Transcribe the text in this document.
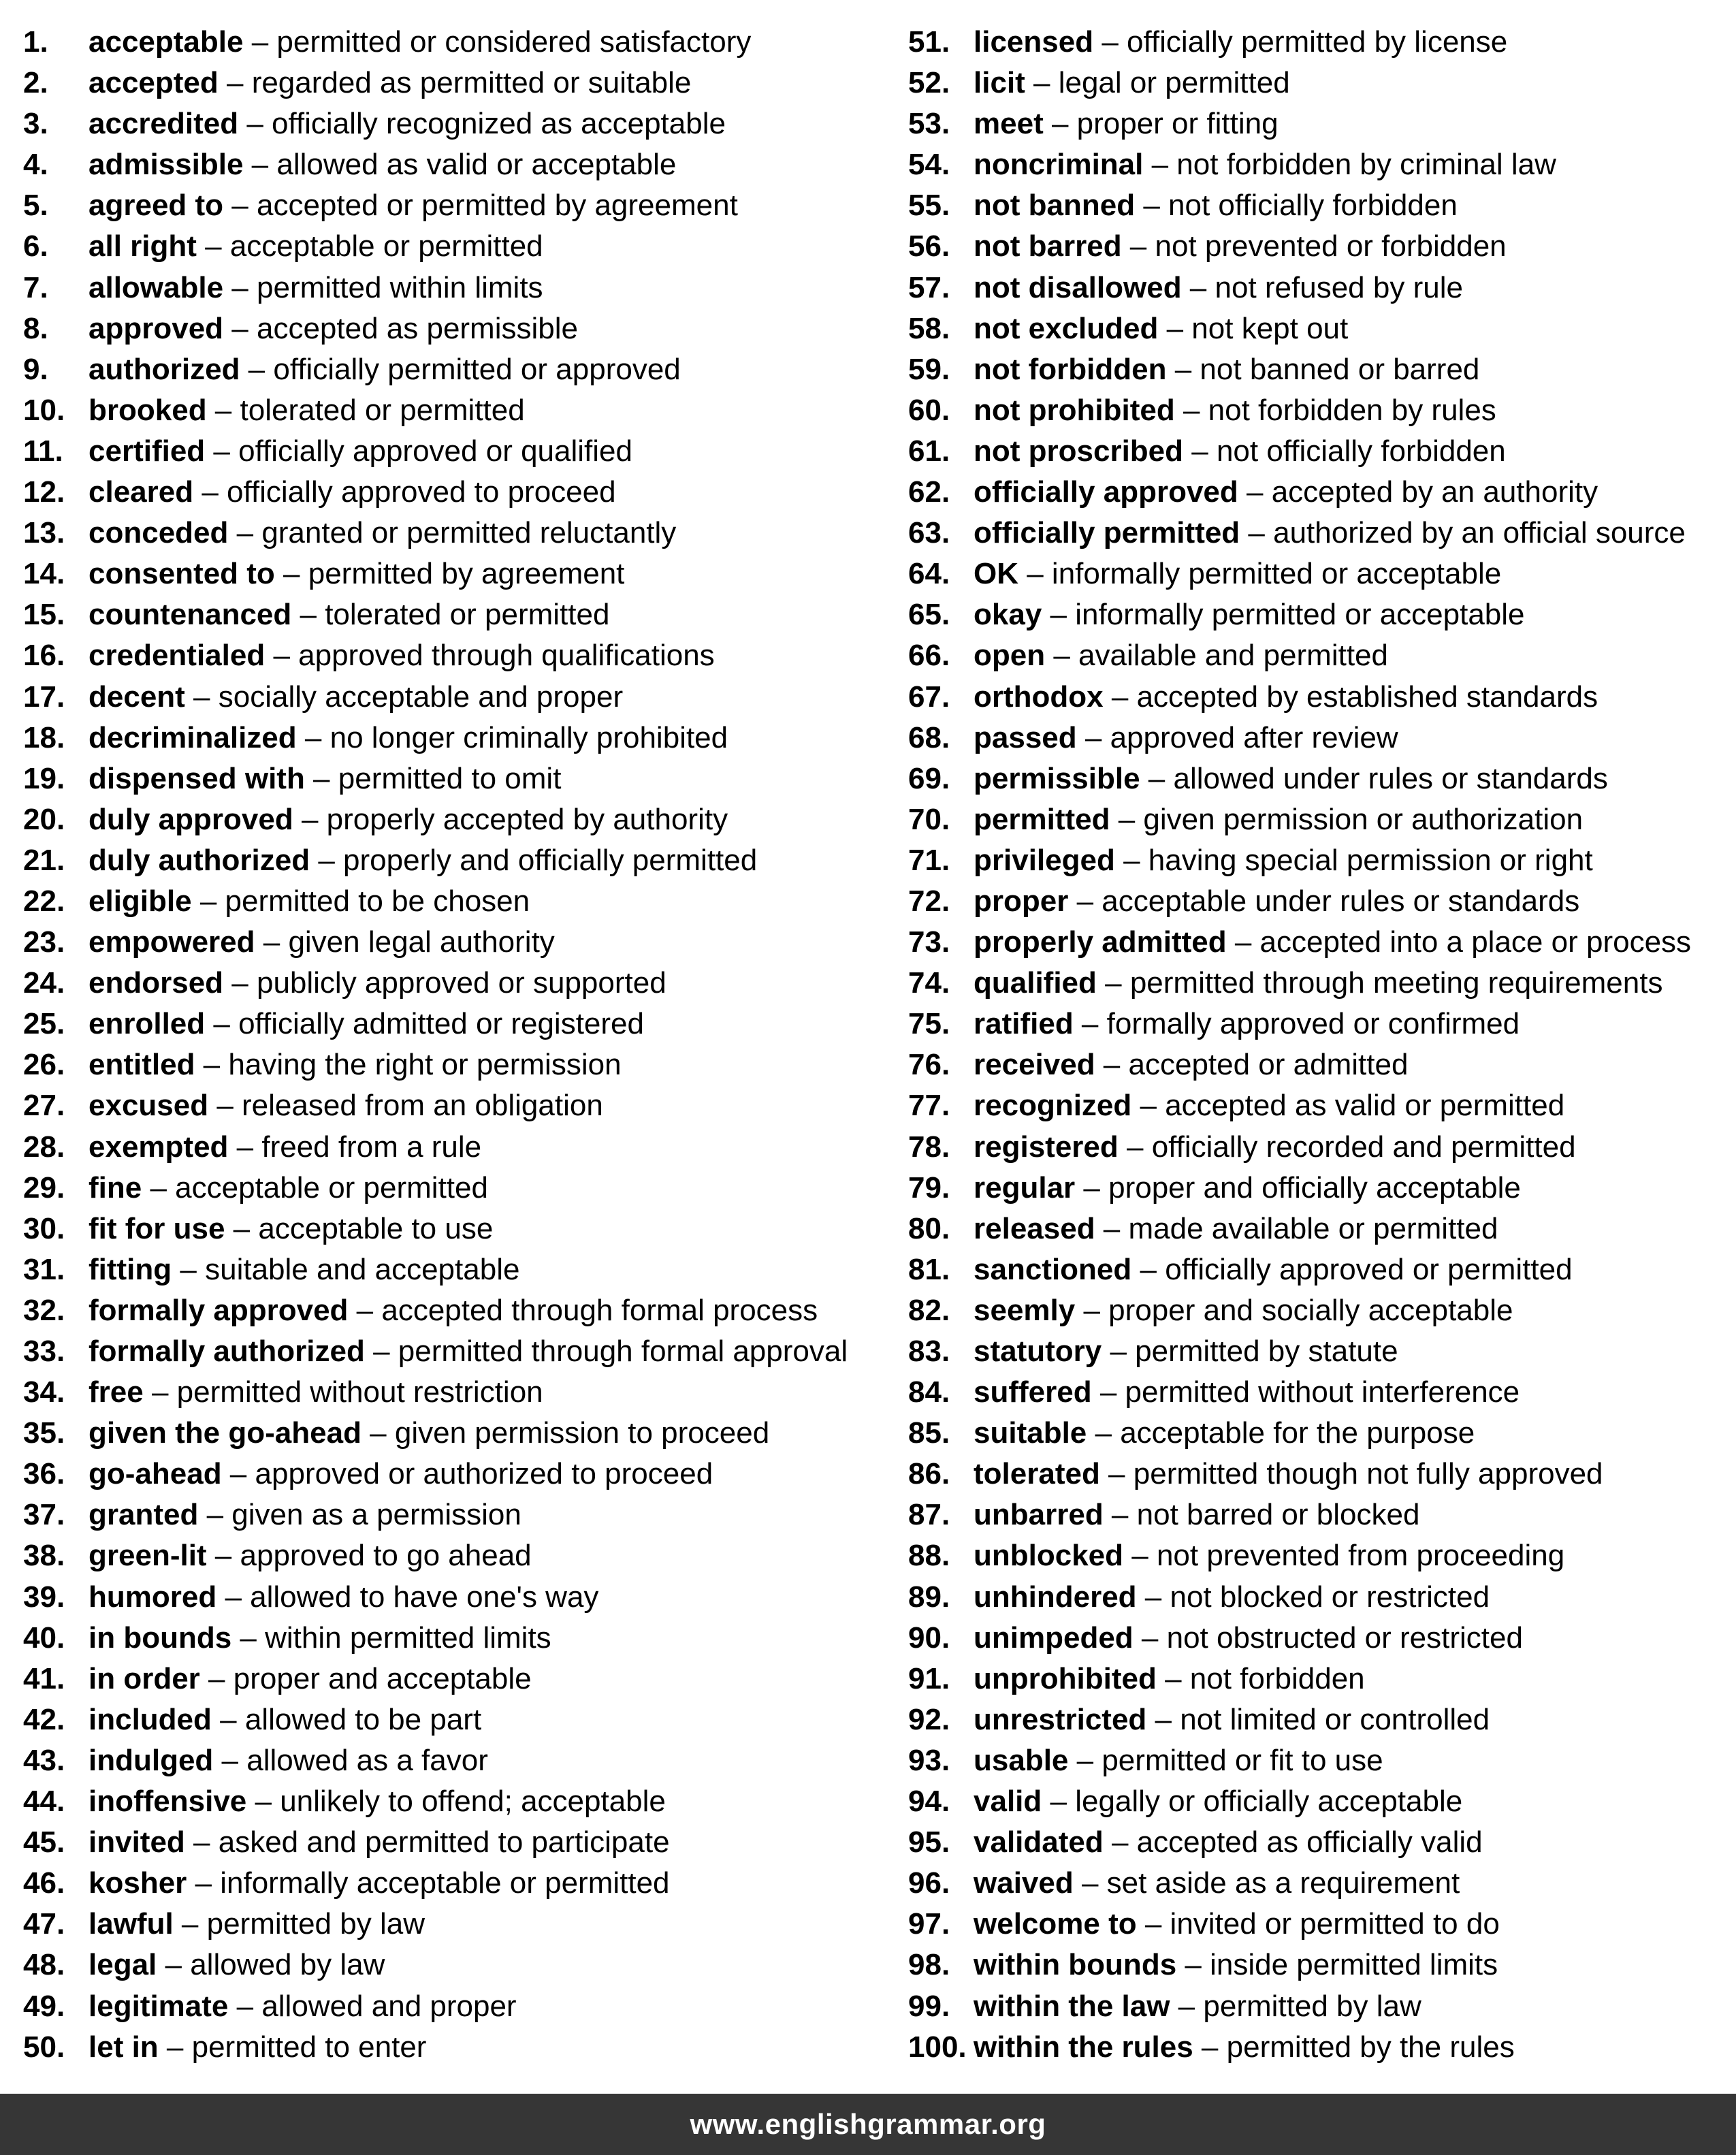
1.	acceptable – permitted or considered satisfactory
2.	accepted – regarded as permitted or suitable
3.	accredited – officially recognized as acceptable
4.	admissible – allowed as valid or acceptable
5.	agreed to – accepted or permitted by agreement
6.	all right – acceptable or permitted
7.	allowable – permitted within limits
8.	approved – accepted as permissible
9.	authorized – officially permitted or approved
10. brooked – tolerated or permitted
11. certified – officially approved or qualified
12. cleared – officially approved to proceed
13. conceded – granted or permitted reluctantly
14. consented to – permitted by agreement
15. countenanced – tolerated or permitted
16. credentialed – approved through qualifications
17. decent – socially acceptable and proper
18. decriminalized – no longer criminally prohibited
19. dispensed with – permitted to omit
20. duly approved – properly accepted by authority
21. duly authorized – properly and officially permitted
22. eligible – permitted to be chosen
23. empowered – given legal authority
24. endorsed – publicly approved or supported
25. enrolled – officially admitted or registered
26. entitled – having the right or permission
27. excused – released from an obligation
28. exempted – freed from a rule
29. fine – acceptable or permitted
30. fit for use – acceptable to use
31. fitting – suitable and acceptable
32. formally approved – accepted through formal process
33. formally authorized – permitted through formal approval
34. free – permitted without restriction
35. given the go-ahead – given permission to proceed
36. go-ahead – approved or authorized to proceed
37. granted – given as a permission
38. green-lit – approved to go ahead
39. humored – allowed to have one's way
40. in bounds – within permitted limits
41. in order – proper and acceptable
42. included – allowed to be part
43. indulged – allowed as a favor
44. inoffensive – unlikely to offend; acceptable
45. invited – asked and permitted to participate
46. kosher – informally acceptable or permitted
47. lawful – permitted by law
48. legal – allowed by law
49. legitimate – allowed and proper
50. let in – permitted to enter
51. licensed – officially permitted by license
52. licit – legal or permitted
53. meet – proper or fitting
54. noncriminal – not forbidden by criminal law
55. not banned – not officially forbidden
56. not barred – not prevented or forbidden
57. not disallowed – not refused by rule
58. not excluded – not kept out
59. not forbidden – not banned or barred
60. not prohibited – not forbidden by rules
61. not proscribed – not officially forbidden
62. officially approved – accepted by an authority
63. officially permitted – authorized by an official source
64. OK – informally permitted or acceptable
65. okay – informally permitted or acceptable
66. open – available and permitted
67. orthodox – accepted by established standards
68. passed – approved after review
69. permissible – allowed under rules or standards
70. permitted – given permission or authorization
71. privileged – having special permission or right
72. proper – acceptable under rules or standards
73. properly admitted – accepted into a place or process
74. qualified – permitted through meeting requirements
75. ratified – formally approved or confirmed
76. received – accepted or admitted
77. recognized – accepted as valid or permitted
78. registered – officially recorded and permitted
79. regular – proper and officially acceptable
80. released – made available or permitted
81. sanctioned – officially approved or permitted
82. seemly – proper and socially acceptable
83. statutory – permitted by statute
84. suffered – permitted without interference
85. suitable – acceptable for the purpose
86. tolerated – permitted though not fully approved
87. unbarred – not barred or blocked
88. unblocked – not prevented from proceeding
89. unhindered – not blocked or restricted
90. unimpeded – not obstructed or restricted
91. unprohibited – not forbidden
92. unrestricted – not limited or controlled
93. usable – permitted or fit to use
94. valid – legally or officially acceptable
95. validated – accepted as officially valid
96. waived – set aside as a requirement
97. welcome to – invited or permitted to do
98. within bounds – inside permitted limits
99. within the law – permitted by law
100. within the rules – permitted by the rules
www.englishgrammar.org
